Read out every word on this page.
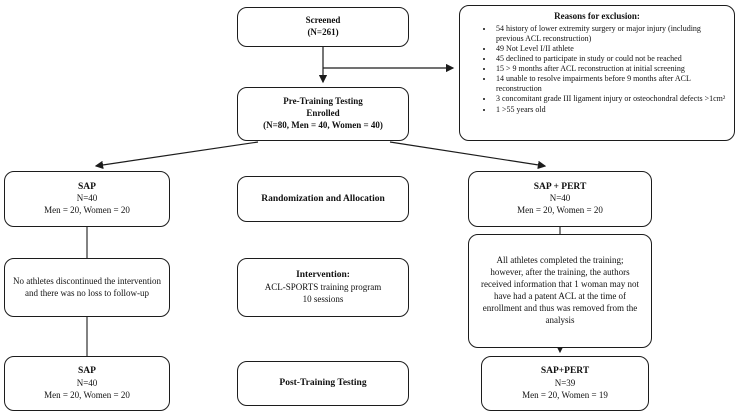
Screened
(N=261)
Reasons for exclusion:
• 54 history of lower extremity surgery or major injury (including previous ACL reconstruction)
• 49 Not Level I/II athlete
• 45 declined to participate in study or could not be reached
• 15 > 9 months after ACL reconstruction at initial screening
• 14 unable to resolve impairments before 9 months after ACL reconstruction
• 3 concomitant grade III ligament injury or osteochondral defects >1cm²
• 1 >55 years old
Pre-Training Testing
Enrolled
(N=80, Men = 40, Women = 40)
SAP
N=40
Men = 20, Women = 20
Randomization and Allocation
SAP + PERT
N=40
Men = 20, Women = 20
No athletes discontinued the intervention and there was no loss to follow-up
Intervention:
ACL-SPORTS training program
10 sessions
All athletes completed the training; however, after the training, the authors received information that 1 woman may not have had a patent ACL at the time of enrollment and thus was removed from the analysis
SAP
N=40
Men = 20, Women = 20
Post-Training Testing
SAP+PERT
N=39
Men = 20, Women = 19
